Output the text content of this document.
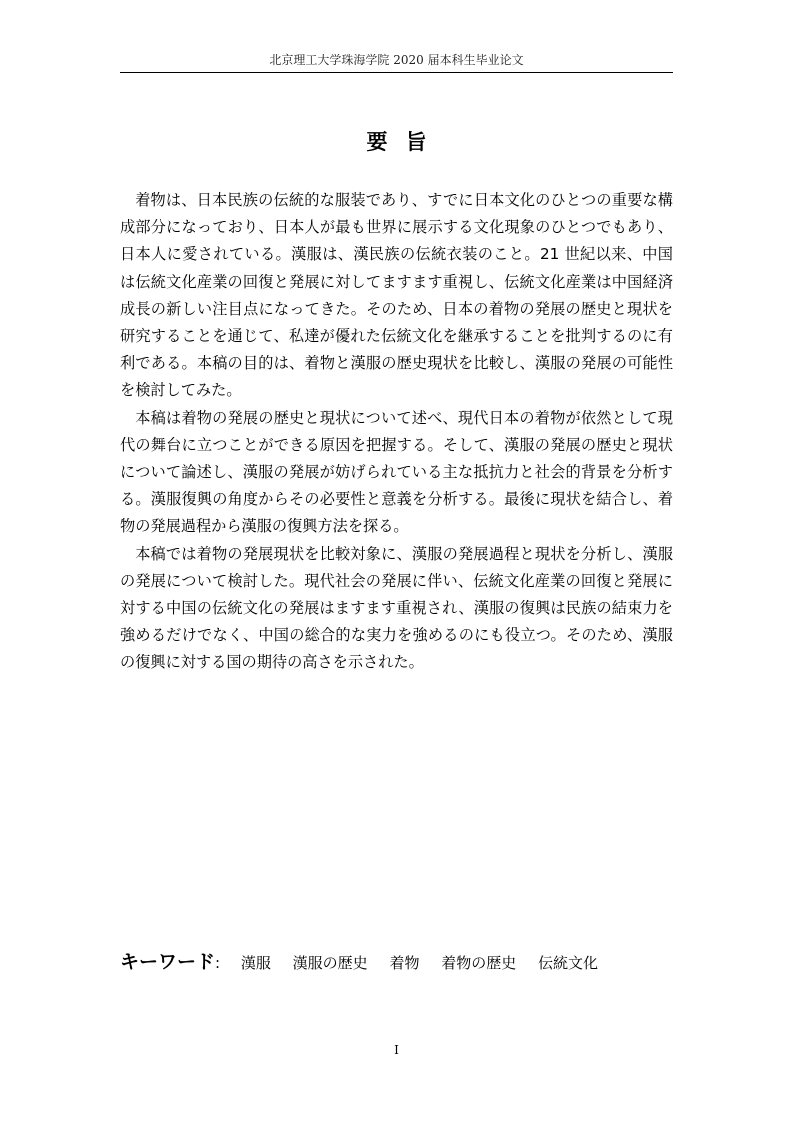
北京理工大学珠海学院 2020 届本科生毕业论文
要旨

着物は、日本民族の伝統的な服装であり、すでに日本文化のひとつの重要な構成部分になっており、日本人が最も世界に展示する文化現象のひとつでもあり、日本人に愛されている。漢服は、漢民族の伝統衣装のこと。21 世紀以来、中国は伝統文化産業の回復と発展に対してますます重視し、伝統文化産業は中国経済成長の新しい注目点になってきた。そのため、日本の着物の発展の歴史と現状を研究することを通じて、私達が優れた伝統文化を継承することを批判するのに有利である。本稿の目的は、着物と漢服の歴史現状を比較し、漢服の発展の可能性を検討してみた。

本稿は着物の発展の歴史と現状について述べ、現代日本の着物が依然として現代の舞台に立つことができる原因を把握する。そして、漢服の発展の歴史と現状について論述し、漢服の発展が妨げられている主な抵抗力と社会的背景を分析する。漢服復興の角度からその必要性と意義を分析する。最後に現状を結合し、着物の発展過程から漢服の復興方法を探る。

本稿では着物の発展現状を比較対象に、漢服の発展過程と現状を分析し、漢服の発展について検討した。現代社会の発展に伴い、伝統文化産業の回復と発展に対する中国の伝統文化の発展はますます重視され、漢服の復興は民族の結束力を強めるだけでなく、中国の総合的な実力を強めるのにも役立つ。そのため、漢服の復興に対する国の期待の高さを示された。

キーワード: 漢服 漢服の歴史 着物 着物の歴史 伝統文化
I
